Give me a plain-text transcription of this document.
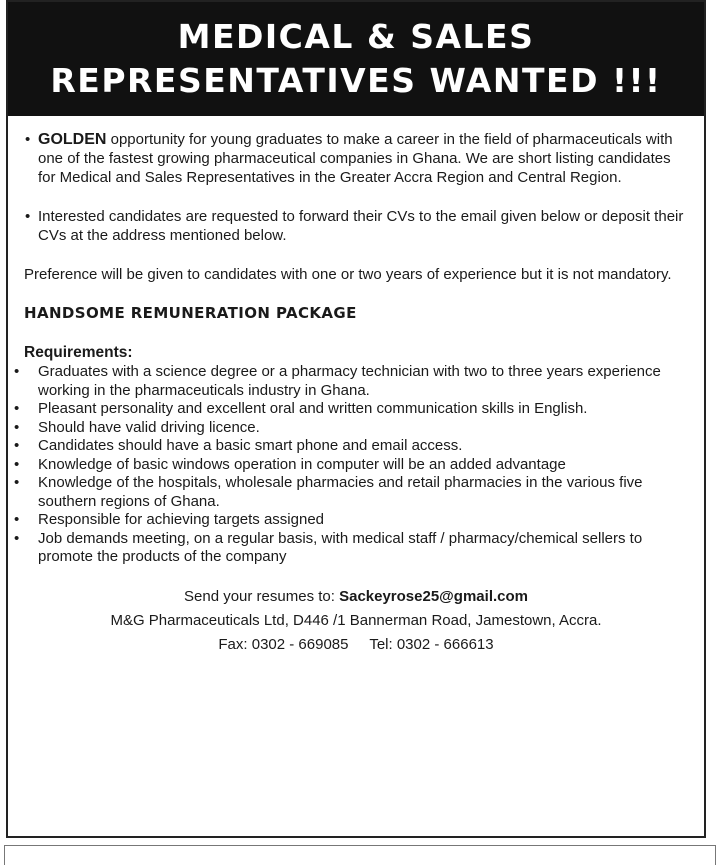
MEDICAL & SALES
REPRESENTATIVES WANTED !!!

• GOLDEN opportunity for young graduates to make a career in the field of pharmaceuticals with one of the fastest growing pharmaceutical companies in Ghana. We are short listing candidates for Medical and Sales Representatives in the Greater Accra Region and Central Region.

• Interested candidates are requested to forward their CVs to the email given below or deposit their CVs at the address mentioned below.

Preference will be given to candidates with one or two years of experience but it is not mandatory.

HANDSOME REMUNERATION PACKAGE

Requirements:

• Graduates with a science degree or a pharmacy technician with two to three years experience working in the pharmaceuticals industry in Ghana.
• Pleasant personality and excellent oral and written communication skills in English.
• Should have valid driving licence.
• Candidates should have a basic smart phone and email access.
• Knowledge of basic windows operation in computer will be an added advantage
• Knowledge of the hospitals, wholesale pharmacies and retail pharmacies in the various five southern regions of Ghana.
• Responsible for achieving targets assigned
• Job demands meeting, on a regular basis, with medical staff / pharmacy/chemical sellers to promote the products of the company
Send your resumes to: Sackeyrose25@gmail.com
M&G Pharmaceuticals Ltd, D446 /1 Bannerman Road, Jamestown, Accra.
Fax: 0302 - 669085 Tel: 0302 - 666613
